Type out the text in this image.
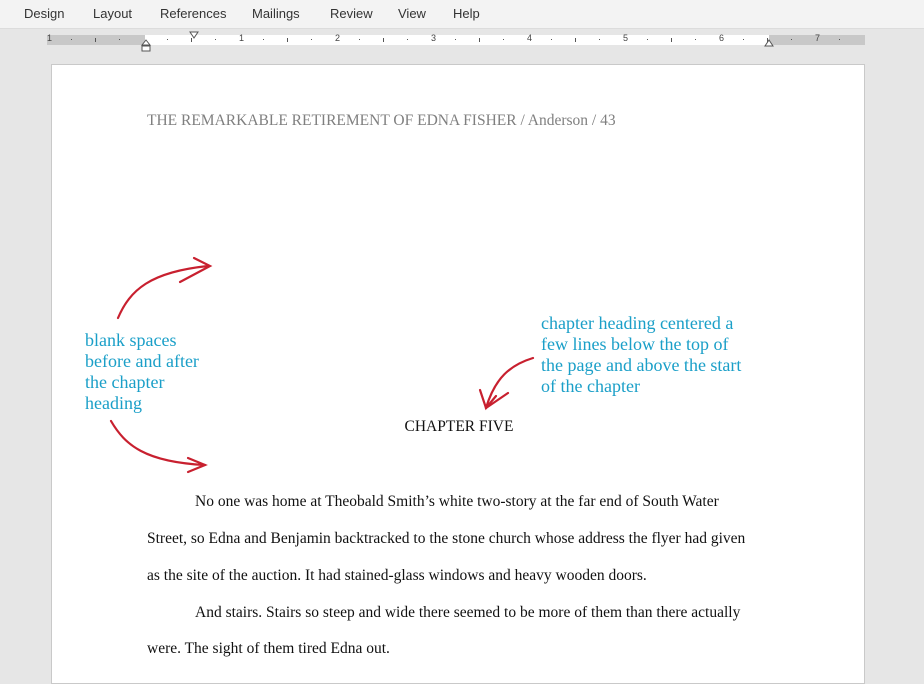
Design Layout References Mailings Review View Help
1	1	2	3	4	5	6	7
THE REMARKABLE RETIREMENT OF EDNA FISHER / Anderson / 43
CHAPTER FIVE
No one was home at Theobald Smith’s white two-story at the far end of South Water
Street, so Edna and Benjamin backtracked to the stone church whose address the flyer had given
as the site of the auction. It had stained-glass windows and heavy wooden doors.
And stairs. Stairs so steep and wide there seemed to be more of them than there actually
were. The sight of them tired Edna out.
blank spaces
before and after
the chapter
heading
chapter heading centered a
few lines below the top of
the page and above the start
of the chapter
